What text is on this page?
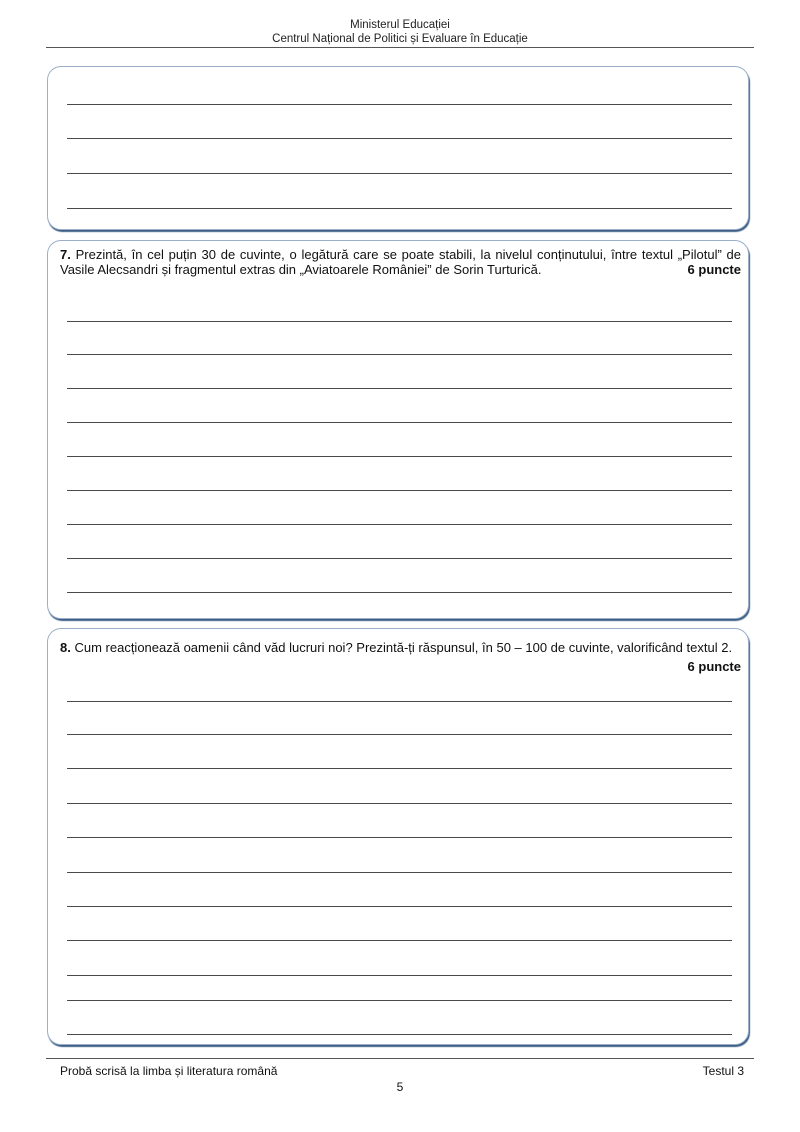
Ministerul Educației
Centrul Național de Politici și Evaluare în Educație
7. Prezintă, în cel puțin 30 de cuvinte, o legătură care se poate stabili, la nivelul conținutului, între textul „Pilotul” de Vasile Alecsandri și fragmentul extras din „Aviatoarele României” de Sorin Turturică.	6 puncte
8. Cum reacționează oamenii când văd lucruri noi? Prezintă-ți răspunsul, în 50 – 100 de cuvinte, valorificând textul 2.
6 puncte
Probă scrisă la limba și literatura română	Testul 3
5
